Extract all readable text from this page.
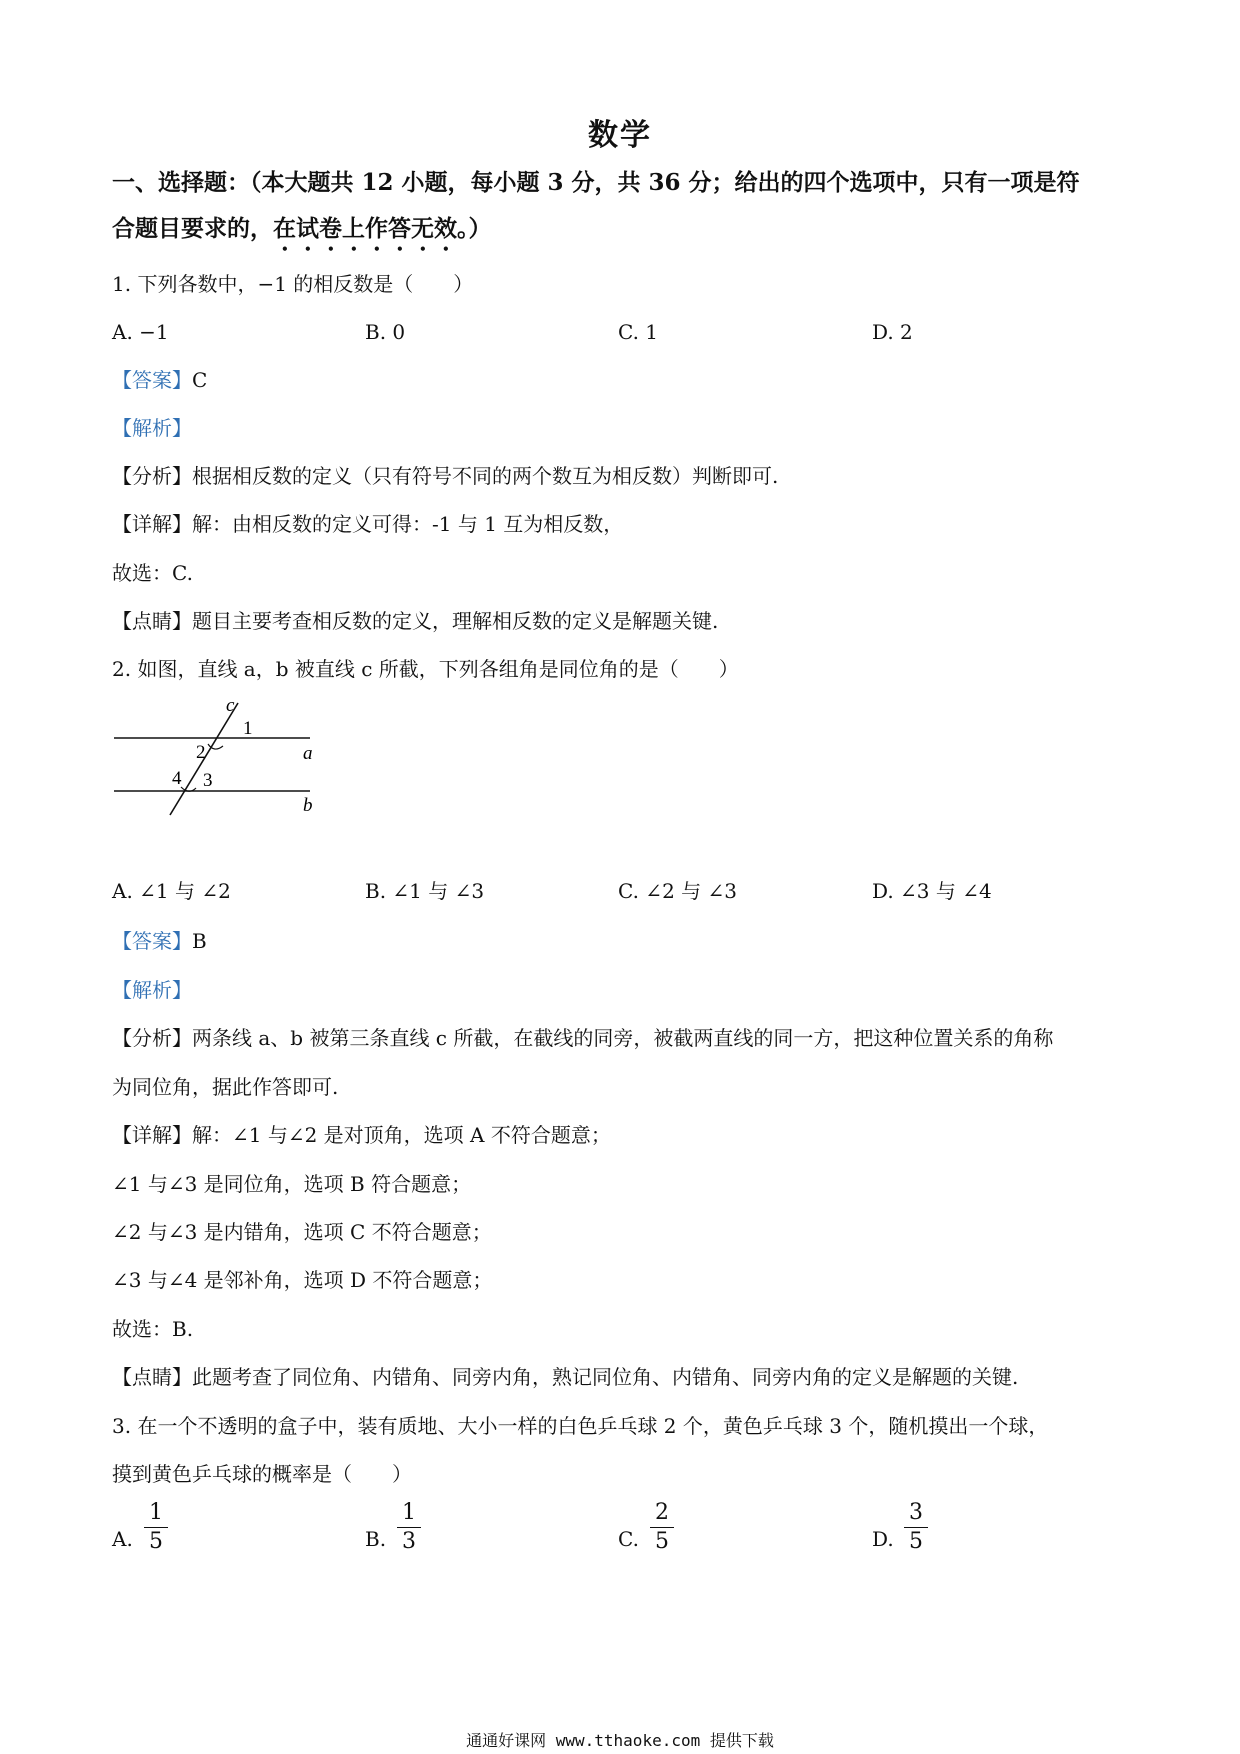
数学
一、选择题：（本大题共 12 小题，每小题 3 分，共 36 分；给出的四个选项中，只有一项是符
合题目要求的，在试卷上作答无效。）
1. 下列各数中，−1 的相反数是（　　）
A. −1	B. 0	C. 1	D. 2
【答案】C
【解析】
【分析】根据相反数的定义（只有符号不同的两个数互为相反数）判断即可.
【详解】解：由相反数的定义可得：-1 与 1 互为相反数，
故选：C.
【点睛】题目主要考查相反数的定义，理解相反数的定义是解题关键.
2. 如图，直线 a，b 被直线 c 所截，下列各组角是同位角的是（　　）
c
1
a
2
4 3
b
A. ∠1 与 ∠2	B. ∠1 与 ∠3	C. ∠2 与 ∠3	D. ∠3 与 ∠4
【答案】B
【解析】
【分析】两条线 a、b 被第三条直线 c 所截，在截线的同旁，被截两直线的同一方，把这种位置关系的角称
为同位角，据此作答即可.
【详解】解：∠1 与∠2 是对顶角，选项 A 不符合题意；
∠1 与∠3 是同位角，选项 B 符合题意；
∠2 与∠3 是内错角，选项 C 不符合题意；
∠3 与∠4 是邻补角，选项 D 不符合题意；
故选：B.
【点睛】此题考查了同位角、内错角、同旁内角，熟记同位角、内错角、同旁内角的定义是解题的关键.
3. 在一个不透明的盒子中，装有质地、大小一样的白色乒乓球 2 个，黄色乒乓球 3 个，随机摸出一个球，
摸到黄色乒乓球的概率是（　　）
A.
1
5	B.
1
3	C.
2
5	D.
3
5
通通好课网 www.tthaoke.com 提供下载
